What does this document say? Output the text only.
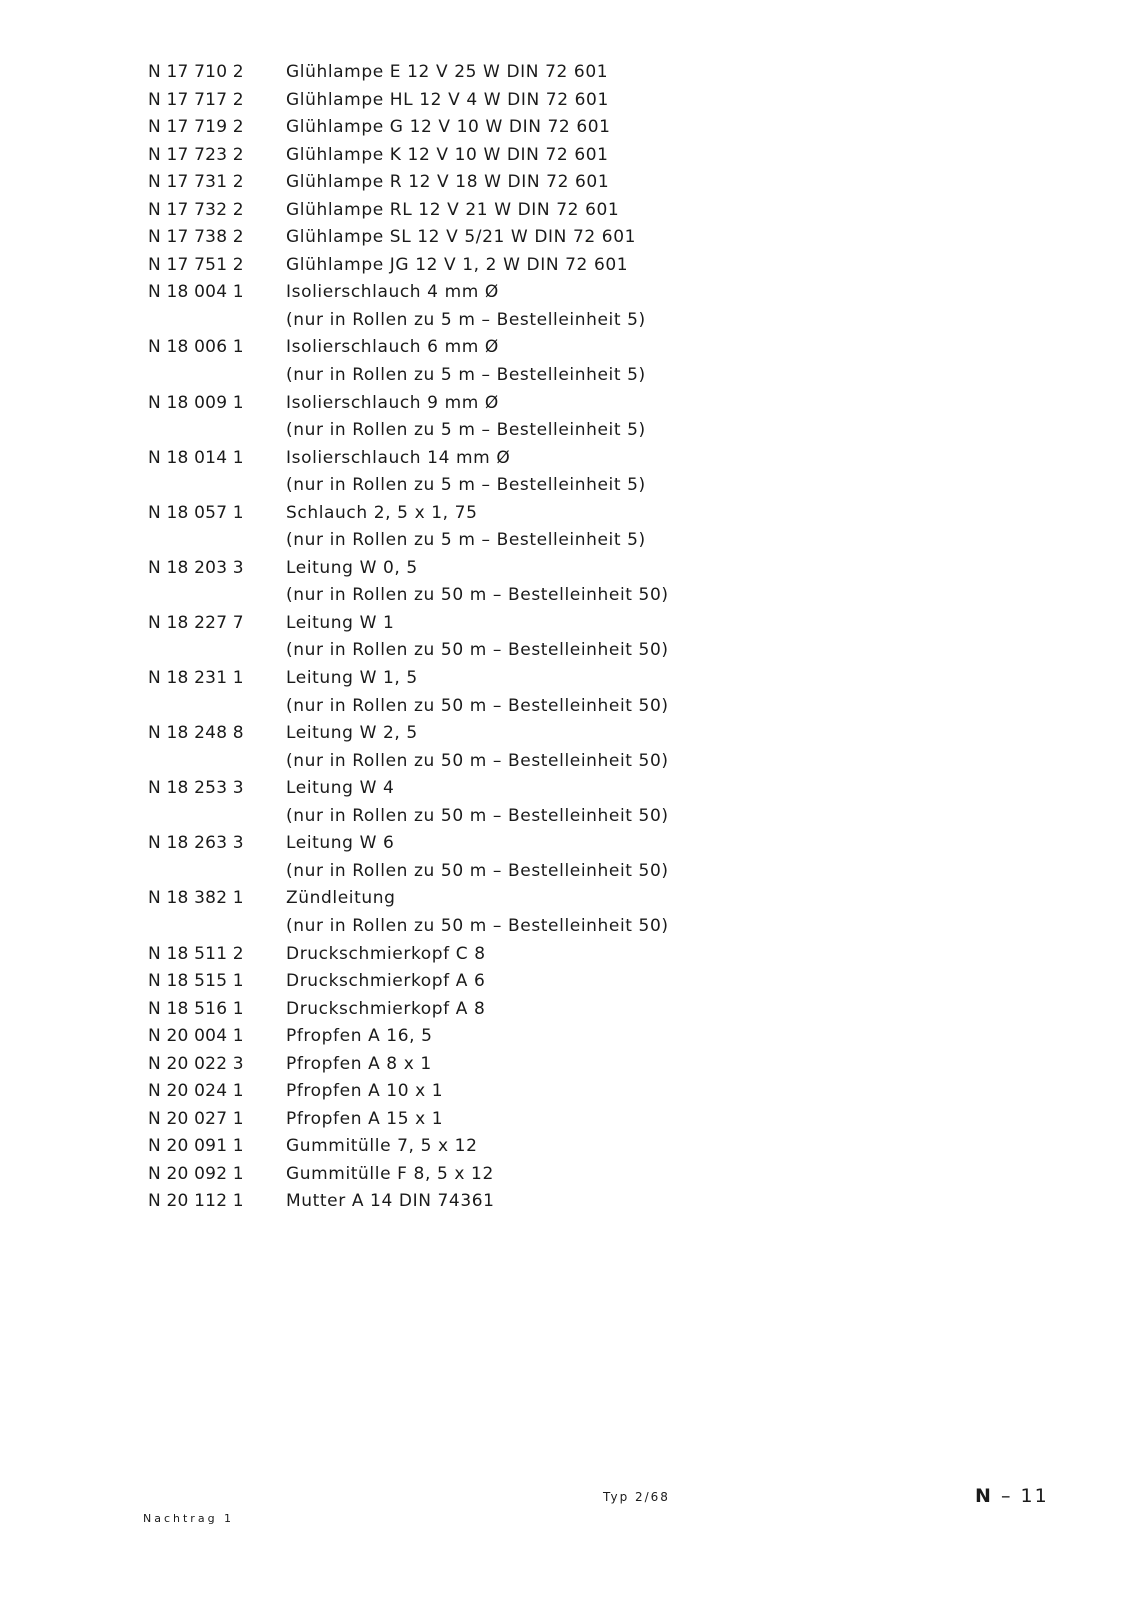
N 17 710 2	Glühlampe E 12 V 25 W DIN 72 601
N 17 717 2	Glühlampe HL 12 V 4 W DIN 72 601
N 17 719 2	Glühlampe G 12 V 10 W DIN 72 601
N 17 723 2	Glühlampe K 12 V 10 W DIN 72 601
N 17 731 2	Glühlampe R 12 V 18 W DIN 72 601
N 17 732 2	Glühlampe RL 12 V 21 W DIN 72 601
N 17 738 2	Glühlampe SL 12 V 5/21 W DIN 72 601
N 17 751 2	Glühlampe JG 12 V 1, 2 W DIN 72 601
N 18 004 1	Isolierschlauch 4 mm Ø
(nur in Rollen zu 5 m – Bestelleinheit 5)
N 18 006 1	Isolierschlauch 6 mm Ø
(nur in Rollen zu 5 m – Bestelleinheit 5)
N 18 009 1	Isolierschlauch 9 mm Ø
(nur in Rollen zu 5 m – Bestelleinheit 5)
N 18 014 1	Isolierschlauch 14 mm Ø
(nur in Rollen zu 5 m – Bestelleinheit 5)
N 18 057 1	Schlauch 2, 5 x 1, 75
(nur in Rollen zu 5 m – Bestelleinheit 5)
N 18 203 3	Leitung W 0, 5
(nur in Rollen zu 50 m – Bestelleinheit 50)
N 18 227 7	Leitung W 1
(nur in Rollen zu 50 m – Bestelleinheit 50)
N 18 231 1	Leitung W 1, 5
(nur in Rollen zu 50 m – Bestelleinheit 50)
N 18 248 8	Leitung W 2, 5
(nur in Rollen zu 50 m – Bestelleinheit 50)
N 18 253 3	Leitung W 4
(nur in Rollen zu 50 m – Bestelleinheit 50)
N 18 263 3	Leitung W 6
(nur in Rollen zu 50 m – Bestelleinheit 50)
N 18 382 1	Zündleitung
(nur in Rollen zu 50 m – Bestelleinheit 50)
N 18 511 2	Druckschmierkopf C 8
N 18 515 1	Druckschmierkopf A 6
N 18 516 1	Druckschmierkopf A 8
N 20 004 1	Pfropfen A 16, 5
N 20 022 3	Pfropfen A 8 x 1
N 20 024 1	Pfropfen A 10 x 1
N 20 027 1	Pfropfen A 15 x 1
N 20 091 1	Gummitülle 7, 5 x 12
N 20 092 1	Gummitülle F 8, 5 x 12
N 20 112 1	Mutter A 14 DIN 74361
Nachtrag 1
Typ 2/68	N – 11
